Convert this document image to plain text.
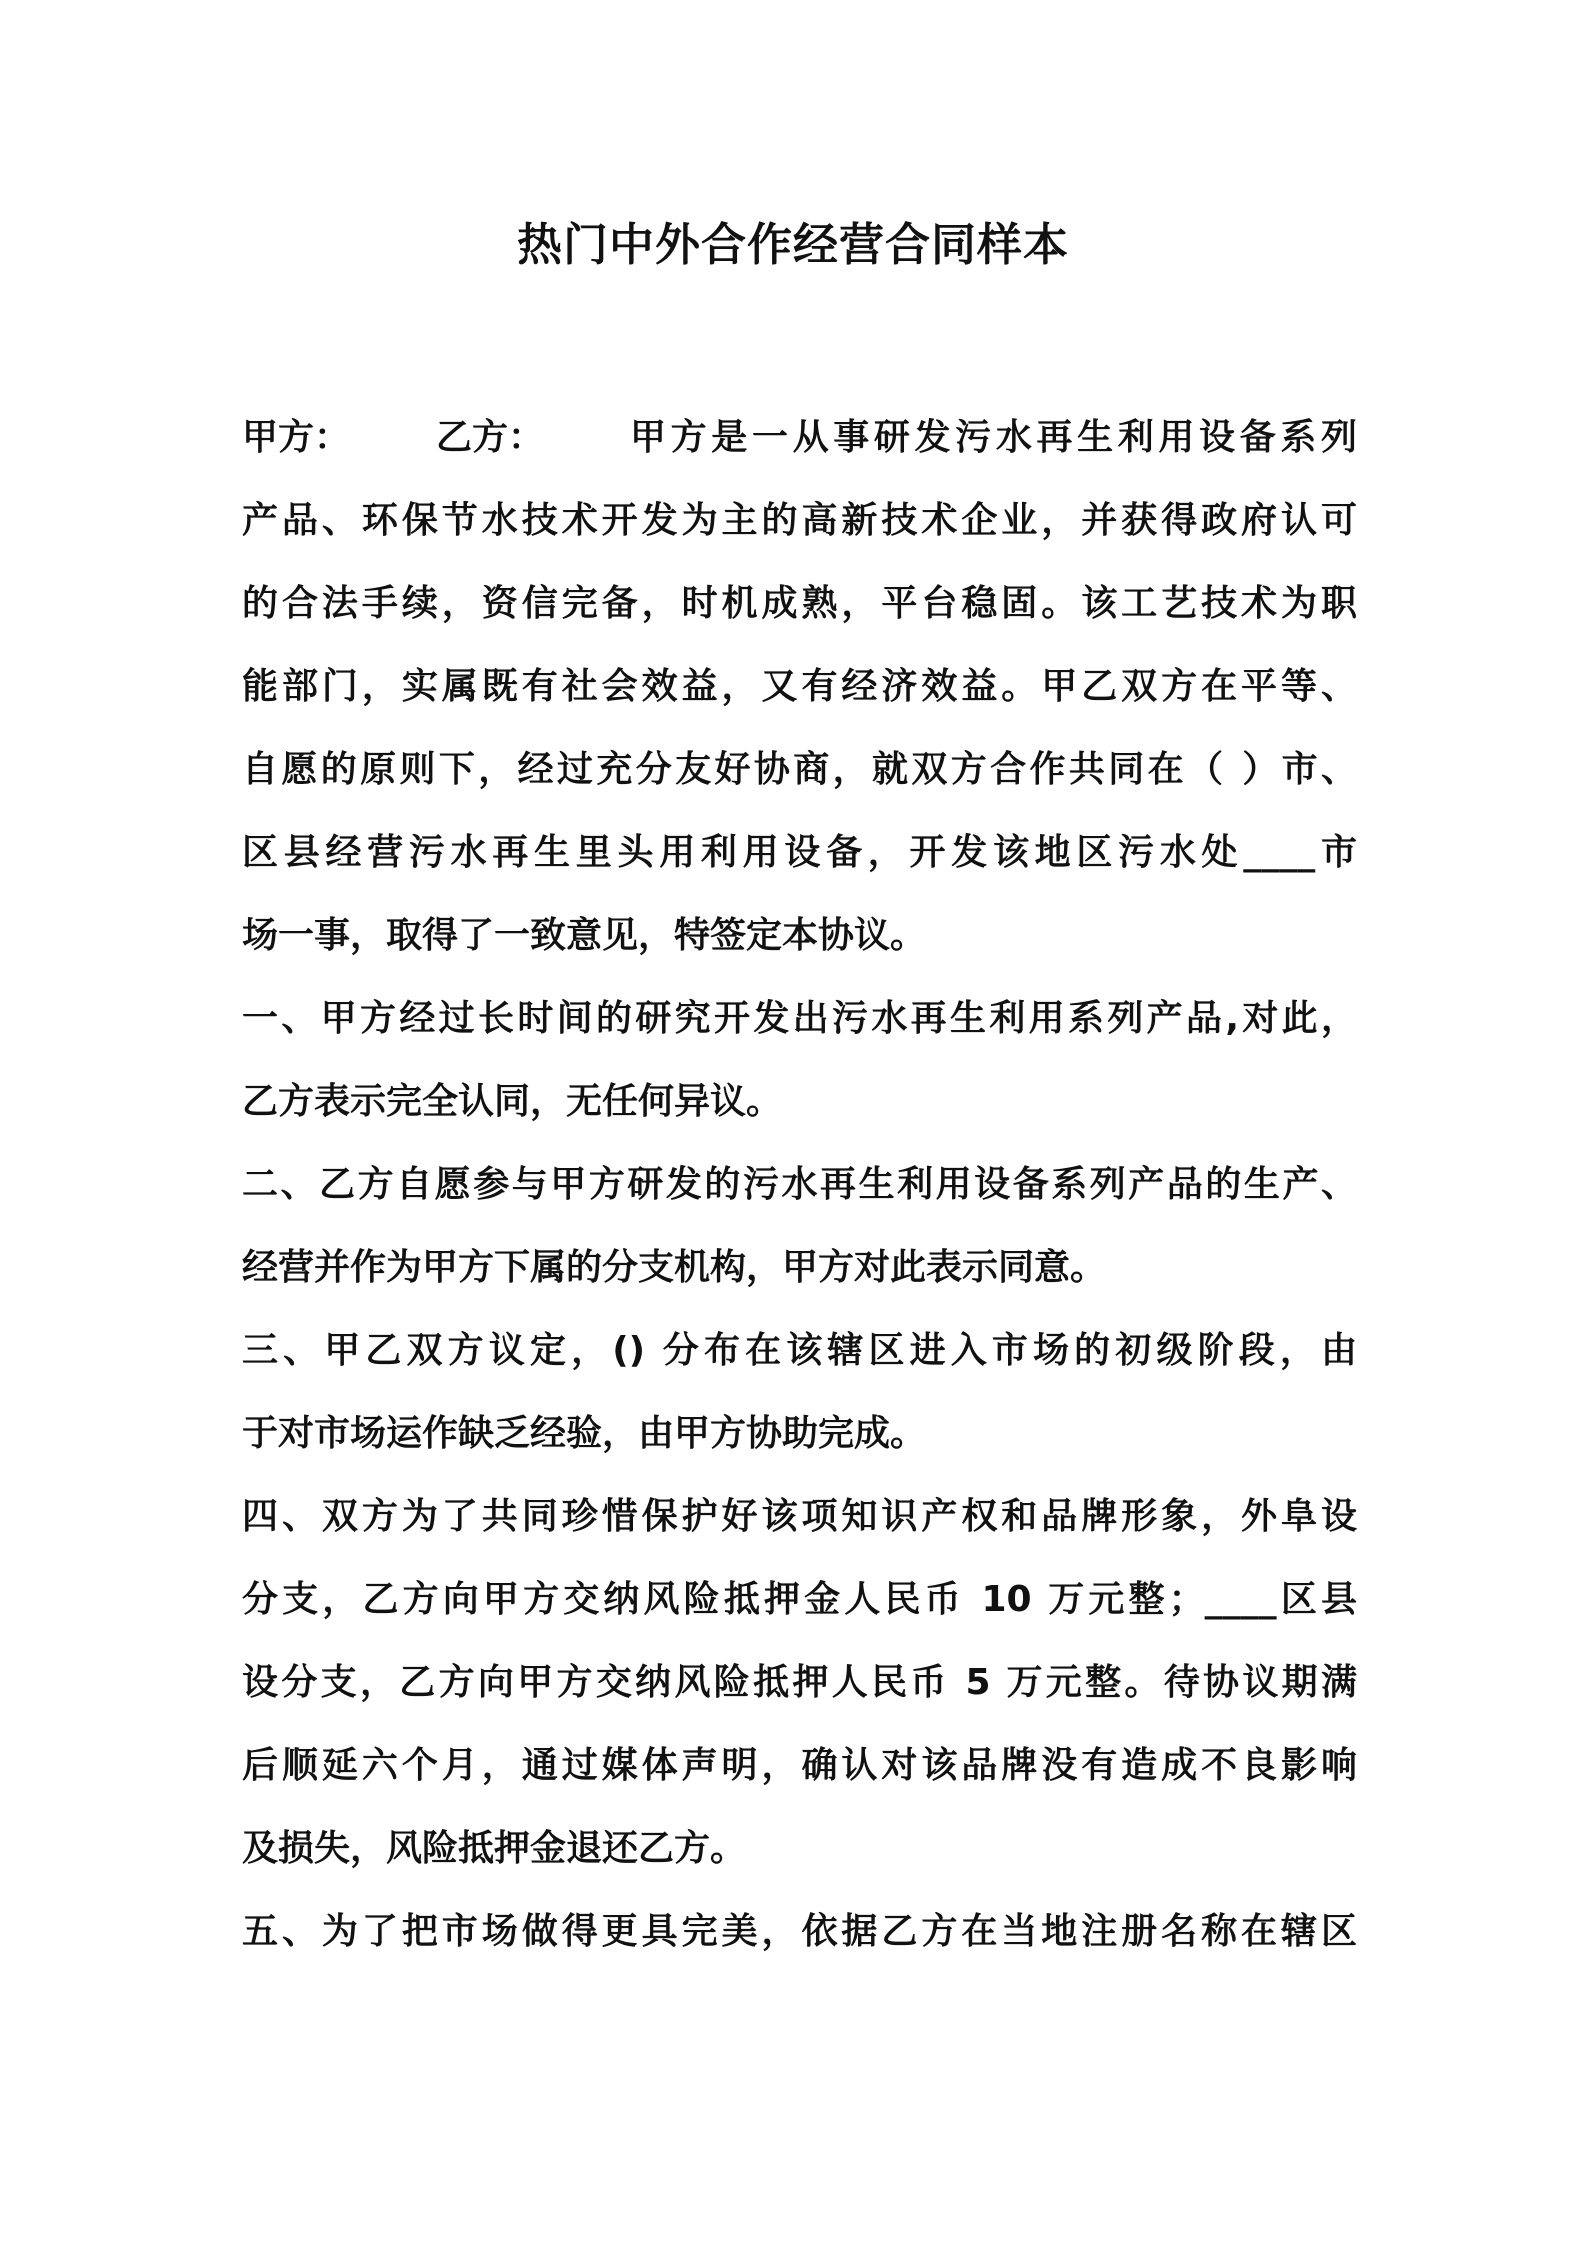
热门中外合作经营合同样本
甲方：	乙方：	甲方是一从事研发污水再生利用设备系列
产品、环保节水技术开发为主的高新技术企业，并获得政府认可
的合法手续，资信完备，时机成熟，平台稳固。该工艺技术为职
能部门，实属既有社会效益，又有经济效益。甲乙双方在平等、
自愿的原则下，经过充分友好协商，就双方合作共同在（ ）市、
区县经营污水再生里头用利用设备，开发该地区污水处____市
场一事，取得了一致意见，特签定本协议。
一、甲方经过长时间的研究开发出污水再生利用系列产品,对此，
乙方表示完全认同，无任何异议。
二、乙方自愿参与甲方研发的污水再生利用设备系列产品的生产、
经营并作为甲方下属的分支机构，甲方对此表示同意。
三、甲乙双方议定，() 分布在该辖区进入市场的初级阶段，由
于对市场运作缺乏经验，由甲方协助完成。
四、双方为了共同珍惜保护好该项知识产权和品牌形象，外阜设
分支，乙方向甲方交纳风险抵押金人民币 10 万元整；____区县
设分支，乙方向甲方交纳风险抵押人民币 5 万元整。待协议期满
后顺延六个月，通过媒体声明，确认对该品牌没有造成不良影响
及损失，风险抵押金退还乙方。
五、为了把市场做得更具完美，依据乙方在当地注册名称在辖区
